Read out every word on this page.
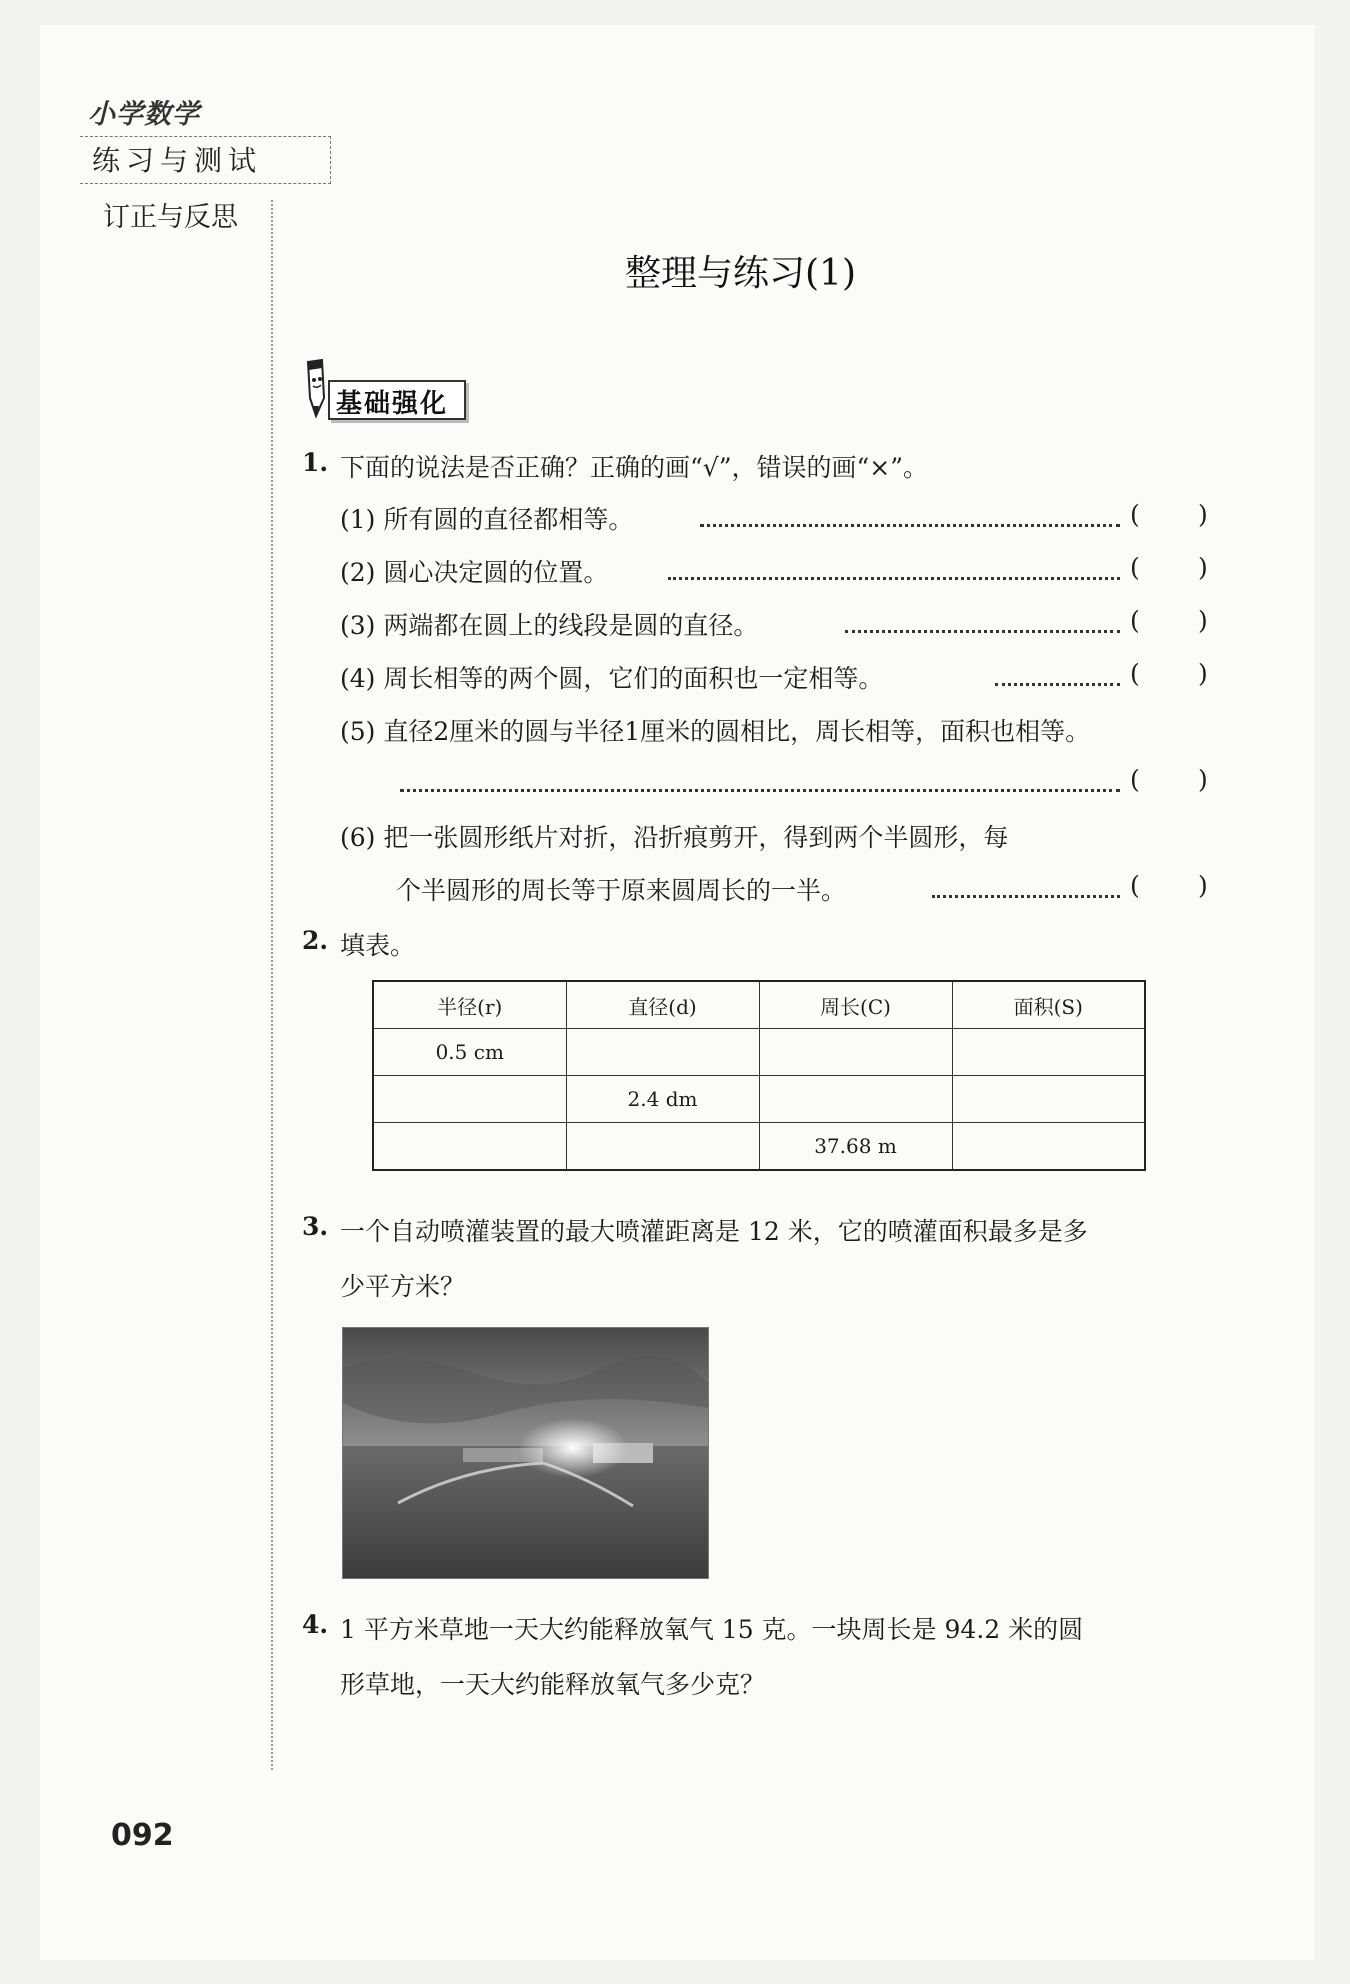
小学数学
练习与测试
订正与反思
整理与练习(1)
基础强化
1. 下面的说法是否正确？正确的画“√”，错误的画“×”。
(1) 所有圆的直径都相等。	( )
(2) 圆心决定圆的位置。	( )
(3) 两端都在圆上的线段是圆的直径。	( )
(4) 周长相等的两个圆，它们的面积也一定相等。	( )
(5) 直径2厘米的圆与半径1厘米的圆相比，周长相等，面积也相等。
( )
(6) 把一张圆形纸片对折，沿折痕剪开，得到两个半圆形，每
个半圆形的周长等于原来圆周长的一半。	( )
2. 填表。
半径(r)	直径(d)	周长(C)	面积(S)
0.5 cm			
	2.4 dm		
		37.68 m	
3. 一个自动喷灌装置的最大喷灌距离是 12 米，它的喷灌面积最多是多
少平方米？
4. 1 平方米草地一天大约能释放氧气 15 克。一块周长是 94.2 米的圆
形草地，一天大约能释放氧气多少克？
092
